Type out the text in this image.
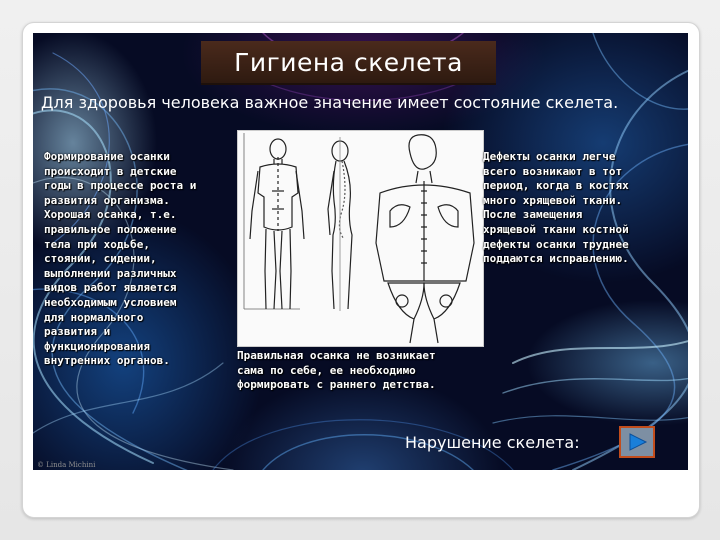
Гигиена скелета
Для здоровья человека важное значение имеет состояние скелета.
Формирование осанки
происходит в детские
годы в процессе роста и
развития организма.
Хорошая осанка, т.е.
правильное положение
тела при ходьбе,
стоянии, сидении,
выполнении различных
видов работ является
необходимым условием
для нормального
развития и
функционирования
внутренних органов.
Дефекты осанки легче
всего возникают в тот
период, когда в костях
много хрящевой ткани.
После замещения
хрящевой ткани костной
дефекты осанки труднее
поддаются исправлению.
Правильная осанка не возникает
сама по себе, ее необходимо
формировать с раннего детства.
Нарушение скелета:
© Linda Michini
